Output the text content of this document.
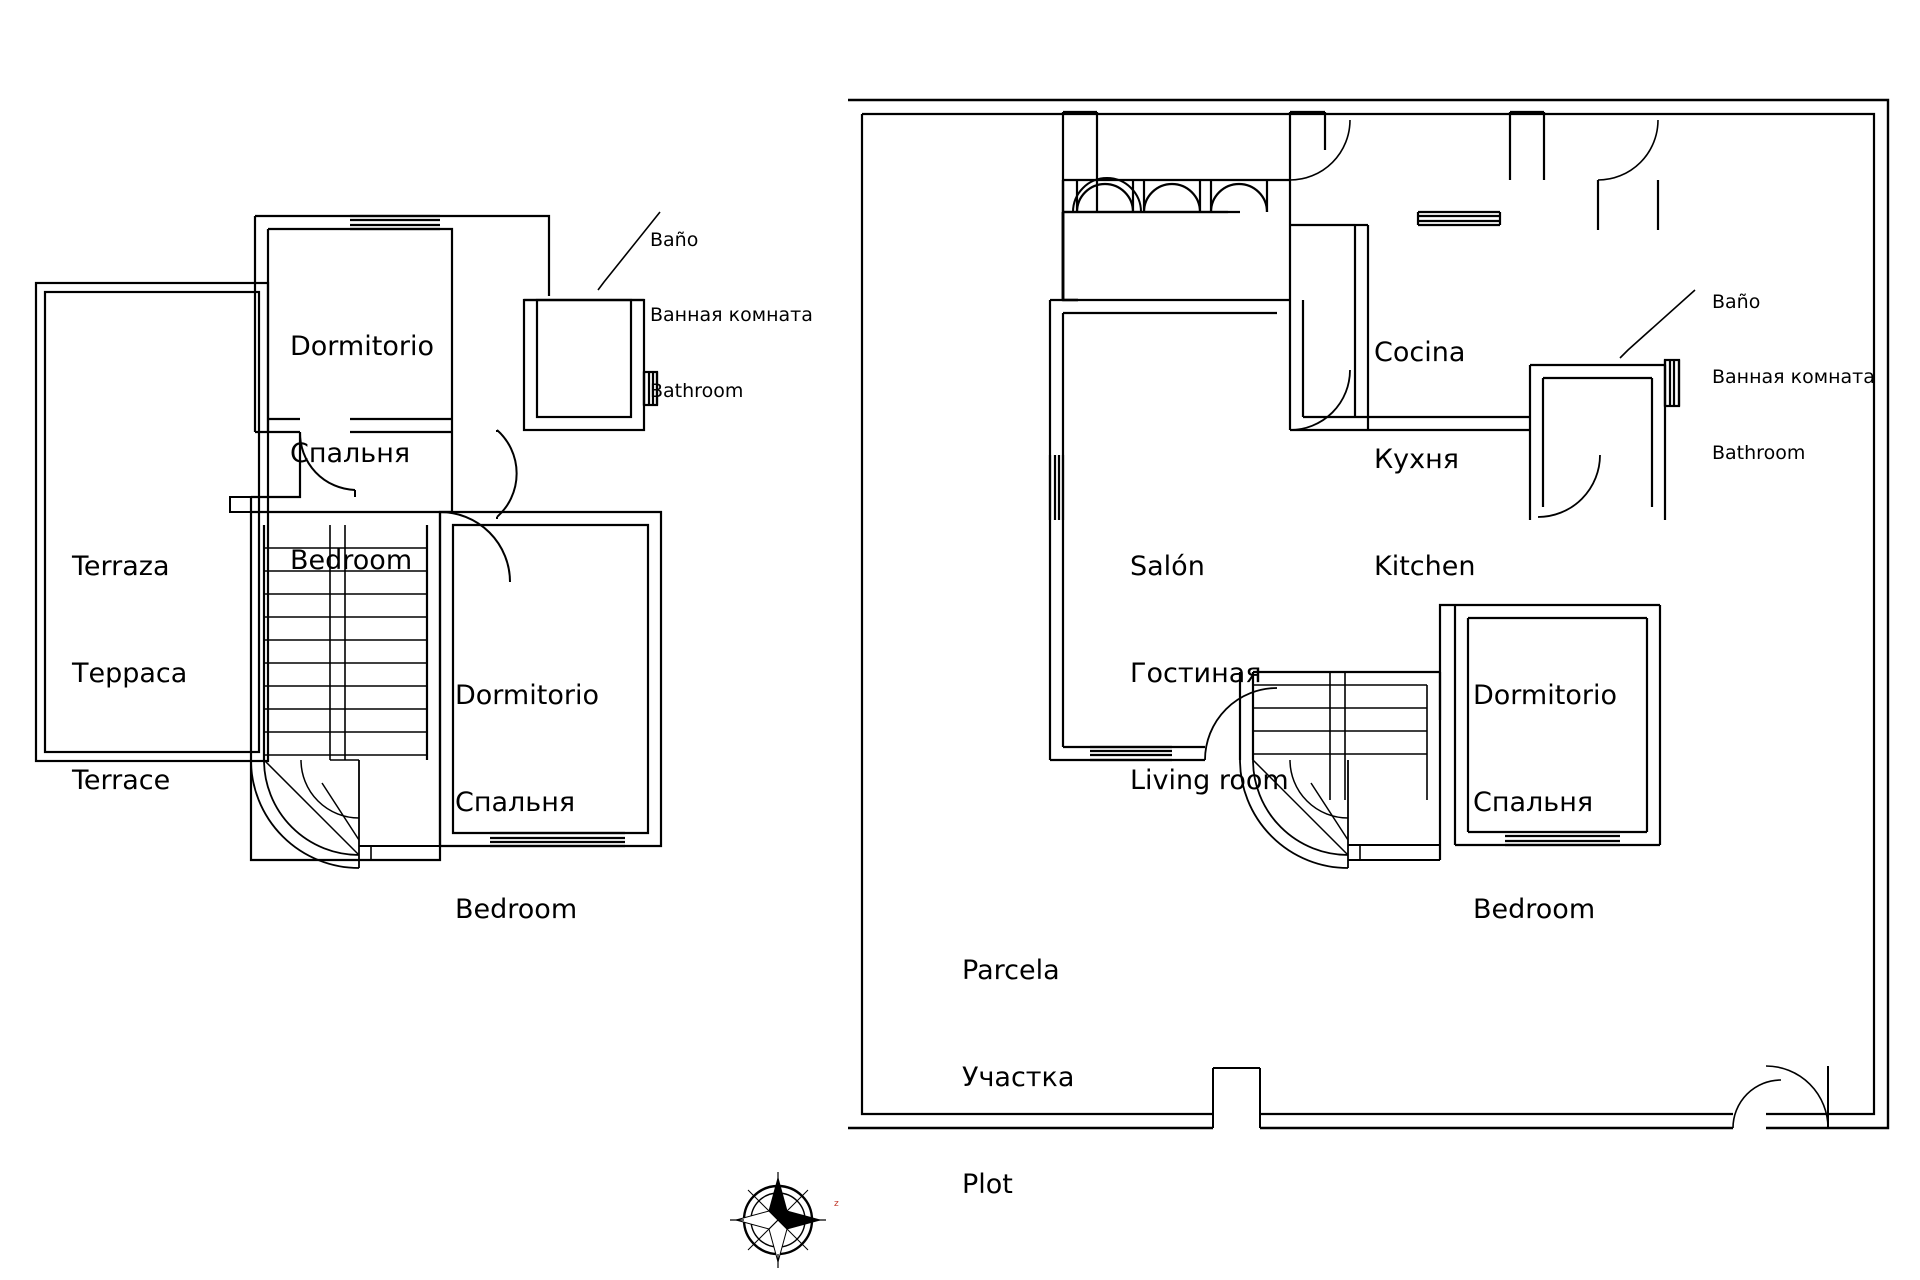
z

Dormitorio

Спальня

Bedroom

Baño

Ванная комната

Bathroom

Terraza

Терраса

Terrace

Dormitorio

Спальня

Bedroom

Cocina

Кухня

Kitchen

Baño

Ванная комната

Bathroom

Salón

Гостиная

Living room

Dormitorio

Спальня

Bedroom

Parcela

Участка

Plot
